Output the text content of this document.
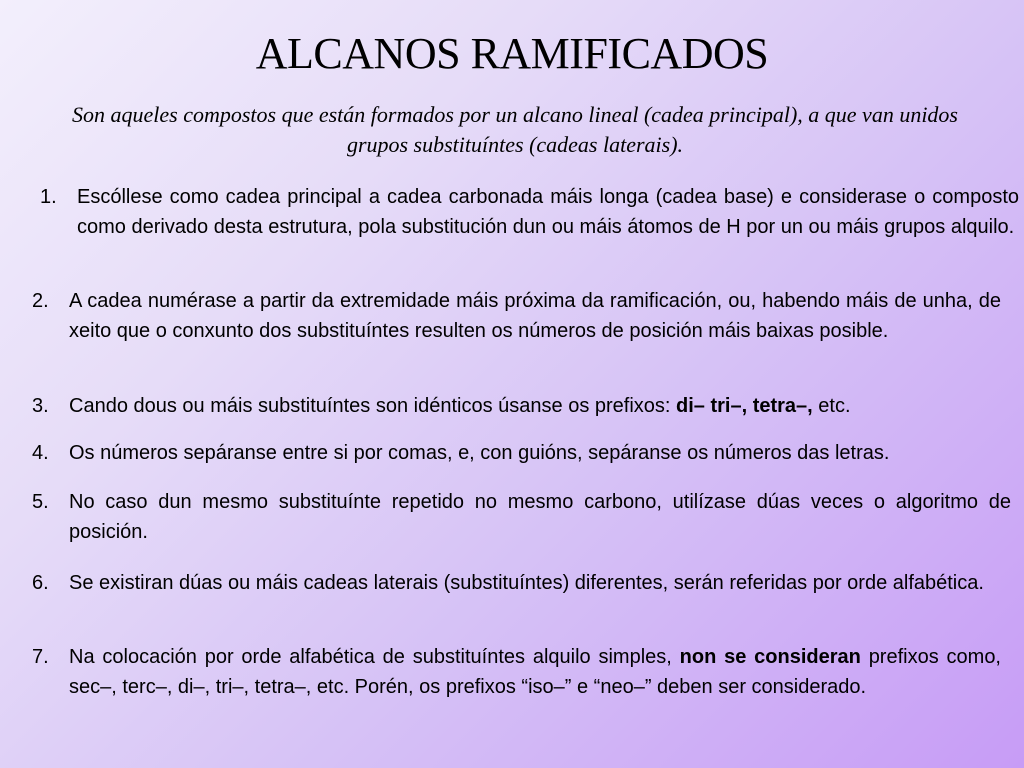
ALCANOS RAMIFICADOS
Son aqueles compostos que están formados por un alcano lineal (cadea principal), a que van unidos grupos substituíntes (cadeas laterais).
1. Escóllese como cadea principal a cadea carbonada máis longa (cadea base) e considerase o composto como derivado desta estrutura, pola substitución dun ou máis átomos de H por un ou máis grupos alquilo.
2. A cadea numérase a partir da extremidade máis próxima da ramificación, ou, habendo máis de unha, de xeito que o conxunto dos substituíntes resulten os números de posición máis baixas posible.
3. Cando dous ou máis substituíntes son idénticos úsanse os prefixos: di– tri–, tetra–, etc.
4. Os números sepáranse entre si por comas, e, con guións, sepáranse os números das letras.
5. No caso dun mesmo substituínte repetido no mesmo carbono, utilízase dúas veces o algoritmo de posición.
6. Se existiran dúas ou máis cadeas laterais (substituíntes) diferentes, serán referidas por orde alfabética.
7. Na colocación por orde alfabética de substituíntes alquilo simples, non se consideran prefixos como, sec–, terc–, di–, tri–, tetra–, etc. Porén, os prefixos “iso–” e “neo–” deben ser considerado.
